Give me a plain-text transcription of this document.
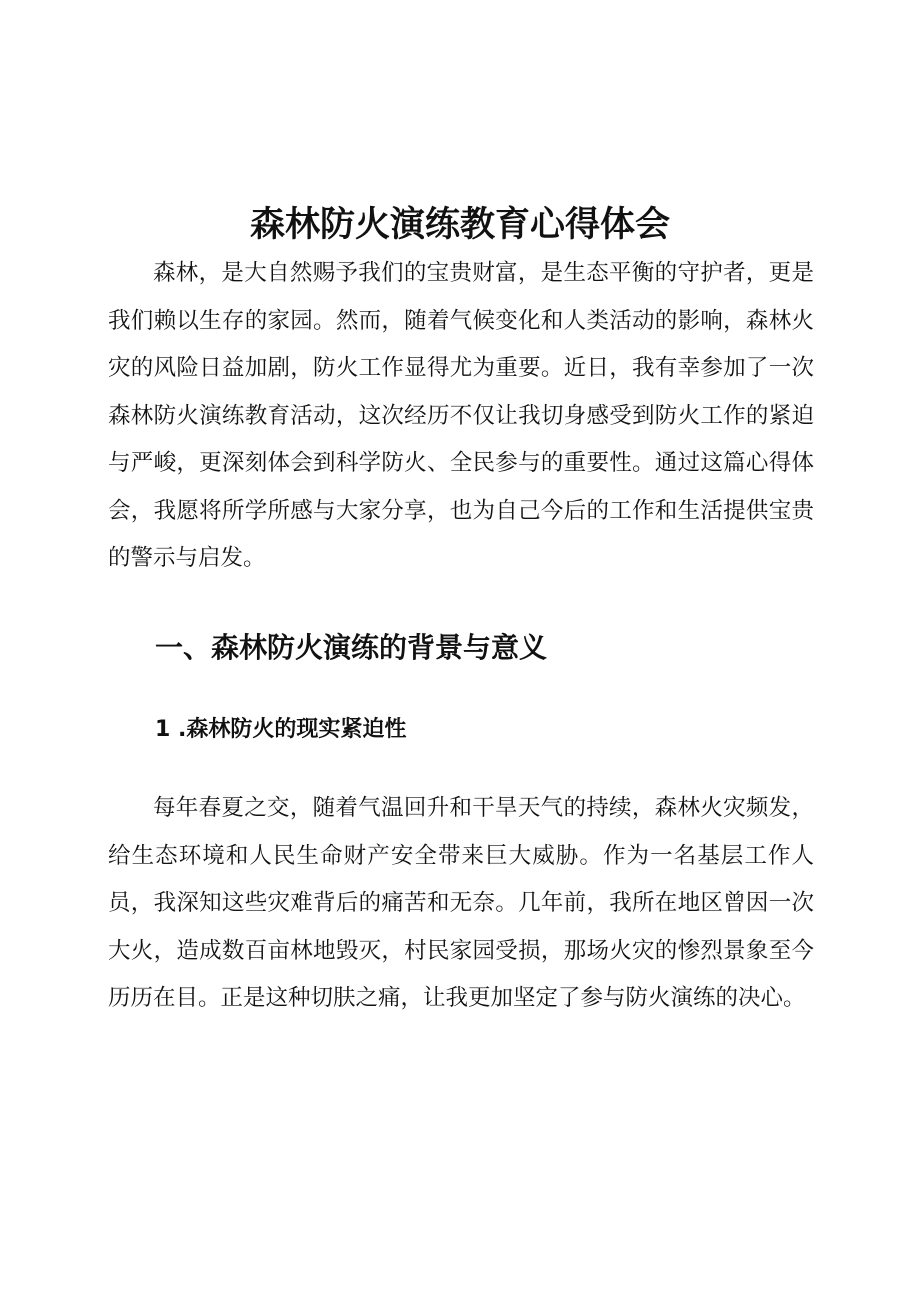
森林防火演练教育心得体会

森林，是大自然赐予我们的宝贵财富，是生态平衡的守护者，更是我们赖以生存的家园。然而，随着气候变化和人类活动的影响，森林火灾的风险日益加剧，防火工作显得尤为重要。近日，我有幸参加了一次森林防火演练教育活动，这次经历不仅让我切身感受到防火工作的紧迫与严峻，更深刻体会到科学防火、全民参与的重要性。通过这篇心得体会，我愿将所学所感与大家分享，也为自己今后的工作和生活提供宝贵的警示与启发。

一、森林防火演练的背景与意义
1 .森林防火的现实紧迫性

每年春夏之交，随着气温回升和干旱天气的持续，森林火灾频发，给生态环境和人民生命财产安全带来巨大威胁。作为一名基层工作人员，我深知这些灾难背后的痛苦和无奈。几年前，我所在地区曾因一次大火，造成数百亩林地毁灭，村民家园受损，那场火灾的惨烈景象至今历历在目。正是这种切肤之痛，让我更加坚定了参与防火演练的决心。
